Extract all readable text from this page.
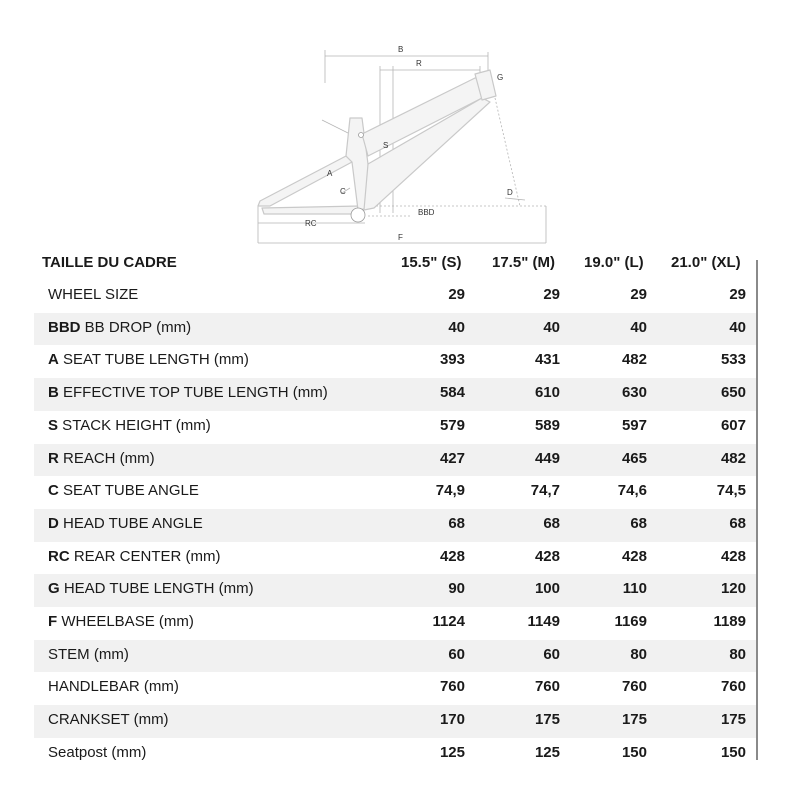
B
R
G
S
A
C	D
RC
BBD
F
TAILLE DU CADRE	15.5" (S) 17.5" (M) 19.0" (L) 21.0" (XL)
WHEEL SIZE	29	29	29	29
BBD BB DROP (mm)	40	40	40	40
A SEAT TUBE LENGTH (mm)	393	431	482	533
B EFFECTIVE TOP TUBE LENGTH (mm)	584	610	630	650
S STACK HEIGHT (mm)	579	589	597	607
R REACH (mm)	427	449	465	482
C SEAT TUBE ANGLE	74,9	74,7	74,6	74,5
D HEAD TUBE ANGLE	68	68	68	68
RC REAR CENTER (mm)	428	428	428	428
G HEAD TUBE LENGTH (mm)	90	100	110	120
F WHEELBASE (mm)	1124	1149	1169	1189
STEM (mm)	60	60	80	80
HANDLEBAR (mm)	760	760	760	760
CRANKSET (mm)	170	175	175	175
Seatpost (mm)	125	125	150	150
